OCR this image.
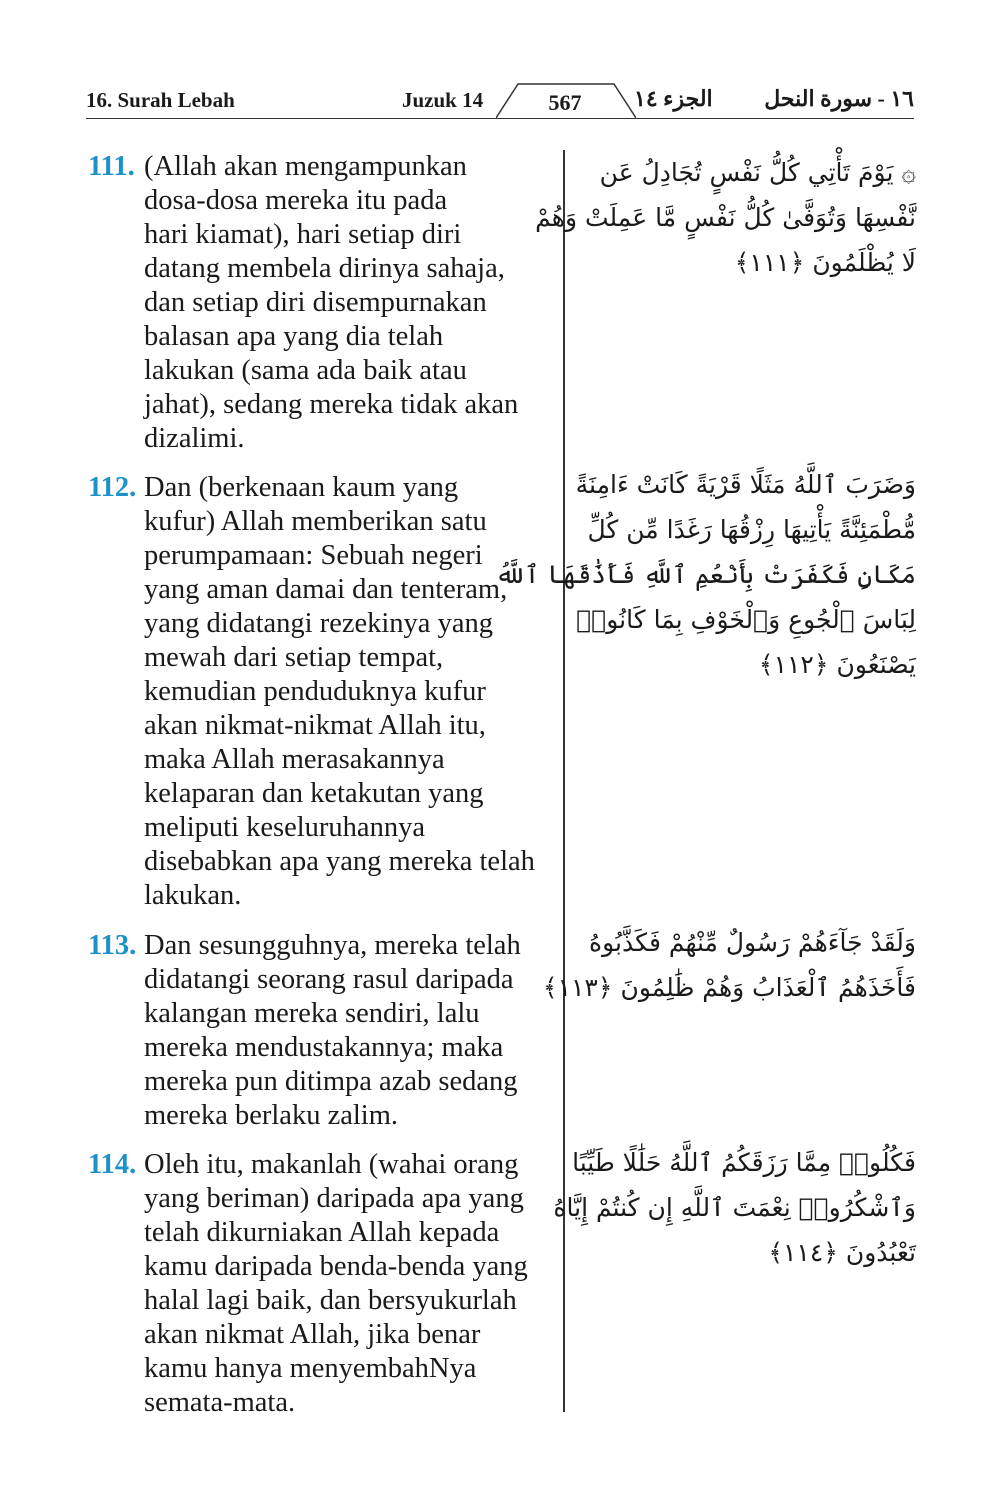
16. Surah Lebah	Juzuk 14	567 الجزء ١٤ ١٦ - سورة النحل
111. (Allah akan mengampunkan
dosa-dosa mereka itu pada
hari kiamat), hari setiap diri
datang membela dirinya sahaja,
dan setiap diri disempurnakan
balasan apa yang dia telah
lakukan (sama ada baik atau
jahat), sedang mereka tidak akan
dizalimi.
۞ يَوْمَ تَأْتِي كُلُّ نَفْسٍ تُجَادِلُ عَن
نَّفْسِهَا وَتُوَفَّىٰ كُلُّ نَفْسٍ مَّا عَمِلَتْ وَهُمْ
لَا يُظْلَمُونَ ﴿١١١﴾
112. Dan (berkenaan kaum yang
kufur) Allah memberikan satu
perumpamaan: Sebuah negeri
yang aman damai dan tenteram,
yang didatangi rezekinya yang
mewah dari setiap tempat,
kemudian penduduknya kufur
akan nikmat-nikmat Allah itu,
maka Allah merasakannya
kelaparan dan ketakutan yang
meliputi keseluruhannya
disebabkan apa yang mereka telah
lakukan.
وَضَرَبَ ٱللَّهُ مَثَلًا قَرْيَةً كَانَتْ ءَامِنَةً
مُّطْمَئِنَّةً يَأْتِيهَا رِزْقُهَا رَغَدًا مِّن كُلِّ
مَكَانٍ فَكَفَرَتْ بِأَنْعُمِ ٱللَّهِ فَأَذَٰقَهَا ٱللَّهُ
لِبَاسَ ٱلْجُوعِ وَٱلْخَوْفِ بِمَا كَانُوا۟
يَصْنَعُونَ ﴿١١٢﴾
113. Dan sesungguhnya, mereka telah
didatangi seorang rasul daripada
kalangan mereka sendiri, lalu
mereka mendustakannya; maka
mereka pun ditimpa azab sedang
mereka berlaku zalim.
وَلَقَدْ جَآءَهُمْ رَسُولٌ مِّنْهُمْ فَكَذَّبُوهُ
فَأَخَذَهُمُ ٱلْعَذَابُ وَهُمْ ظَٰلِمُونَ ﴿١١٣﴾
114. Oleh itu, makanlah (wahai orang
yang beriman) daripada apa yang
telah dikurniakan Allah kepada
kamu daripada benda-benda yang
halal lagi baik, dan bersyukurlah
akan nikmat Allah, jika benar
kamu hanya menyembahNya
semata-mata.
فَكُلُوا۟ مِمَّا رَزَقَكُمُ ٱللَّهُ حَلَٰلًا طَيِّبًا
وَٱشْكُرُوا۟ نِعْمَتَ ٱللَّهِ إِن كُنتُمْ إِيَّاهُ
تَعْبُدُونَ ﴿١١٤﴾
